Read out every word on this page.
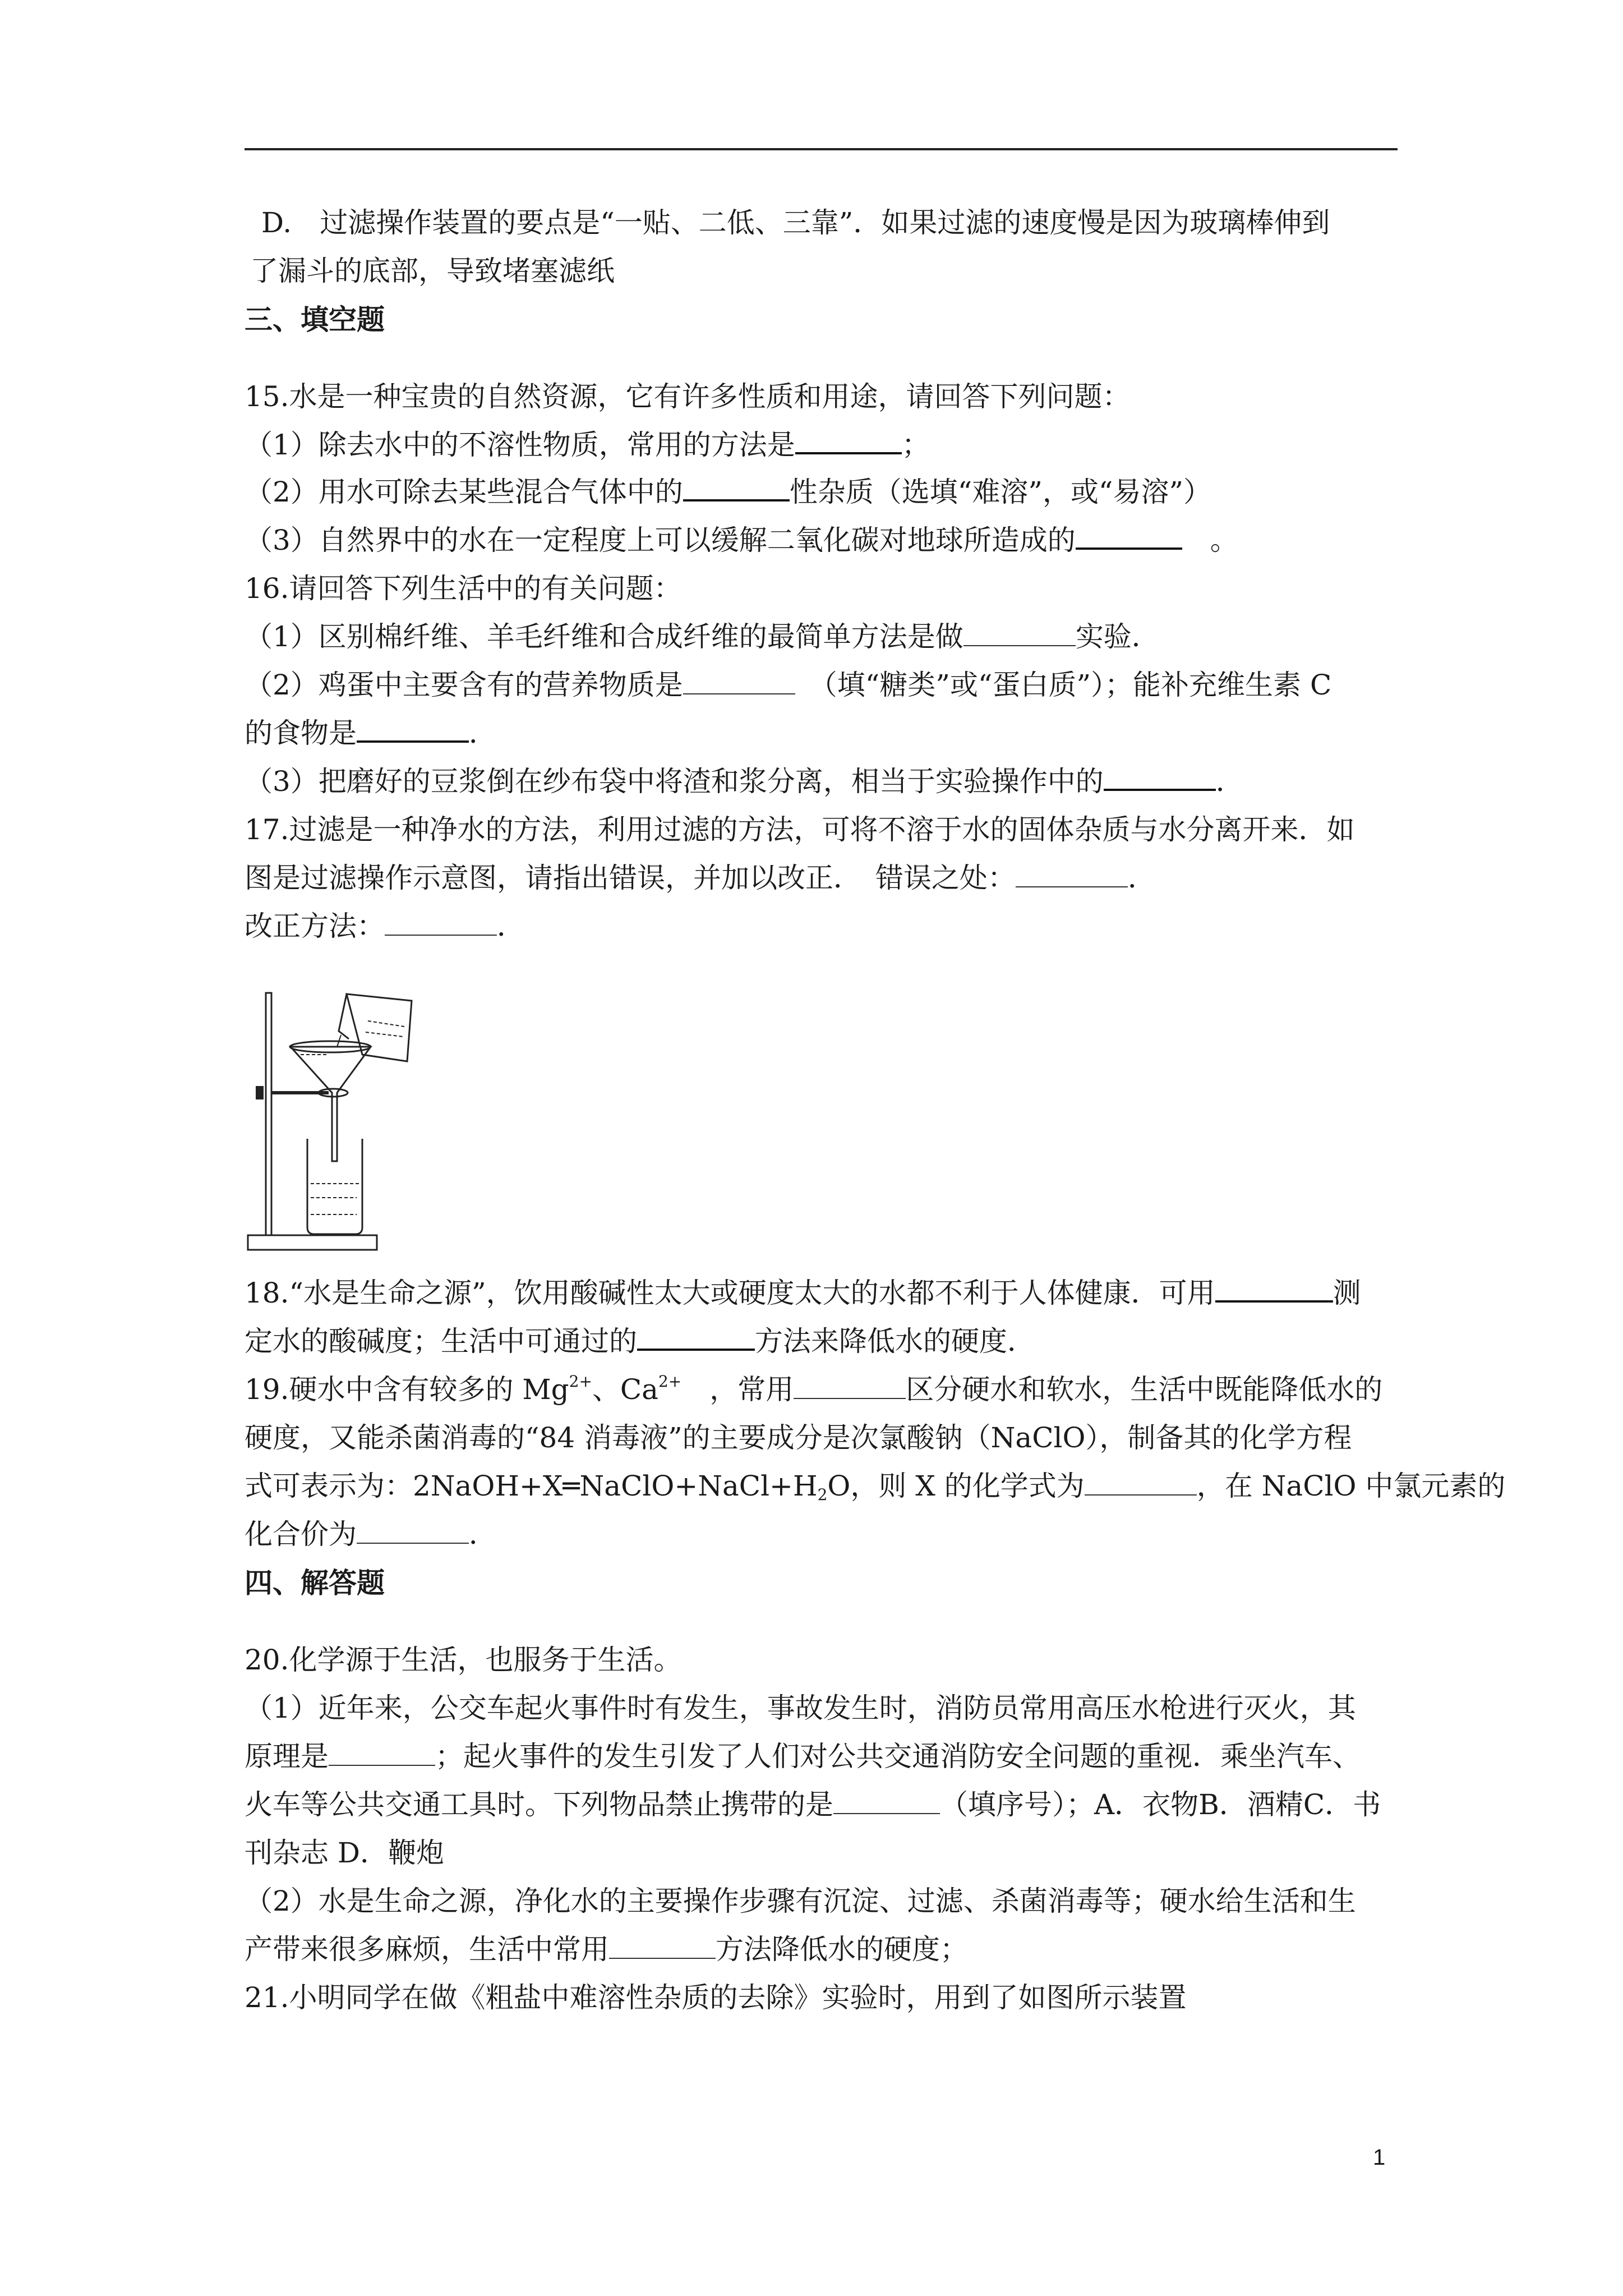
D.　过滤操作装置的要点是“一贴、二低、三靠”．如果过滤的速度慢是因为玻璃棒伸到
了漏斗的底部，导致堵塞滤纸
三、填空题
15.水是一种宝贵的自然资源，它有许多性质和用途，请回答下列问题：
（1）除去水中的不溶性物质，常用的方法是	；
（2）用水可除去某些混合气体中的	性杂质（选填“难溶”，或“易溶”）
（3）自然界中的水在一定程度上可以缓解二氧化碳对地球所造成的	　。
16.请回答下列生活中的有关问题：
（1）区别棉纤维、羊毛纤维和合成纤维的最简单方法是做	实验．
（2）鸡蛋中主要含有的营养物质是	　（填“糖类”或“蛋白质”）；能补充维生素 C
的食物是	．
（3）把磨好的豆浆倒在纱布袋中将渣和浆分离，相当于实验操作中的	．
17.过滤是一种净水的方法，利用过滤的方法，可将不溶于水的固体杂质与水分离开来．如
图是过滤操作示意图，请指出错误，并加以改正．　错误之处：	．
改正方法：	．
18.“水是生命之源”，饮用酸碱性太大或硬度太大的水都不利于人体健康．可用	测
定水的酸碱度；生活中可通过的	方法来降低水的硬度．
19.硬水中含有较多的 $Mg^{2+}$、$Ca^{2+}$　，常用	区分硬水和软水，生活中既能降低水的
硬度，又能杀菌消毒的“84 消毒液”的主要成分是次氯酸钠（NaClO），制备其的化学方程
式可表示为：$2NaOH+X═NaClO+NaCl+H_2O$，则 X 的化学式为	，在 NaClO 中氯元素的
化合价为	．
四、解答题
20.化学源于生活，也服务于生活。
（1）近年来，公交车起火事件时有发生，事故发生时，消防员常用高压水枪进行灭火，其
原理是	；起火事件的发生引发了人们对公共交通消防安全问题的重视．乘坐汽车、
火车等公共交通工具时。下列物品禁止携带的是	（填序号）；A．衣物B．酒精C．书
刊杂志 D．鞭炮
（2）水是生命之源，净化水的主要操作步骤有沉淀、过滤、杀菌消毒等；硬水给生活和生
产带来很多麻烦，生活中常用	方法降低水的硬度；
21.小明同学在做《粗盐中难溶性杂质的去除》实验时，用到了如图所示装置
1
